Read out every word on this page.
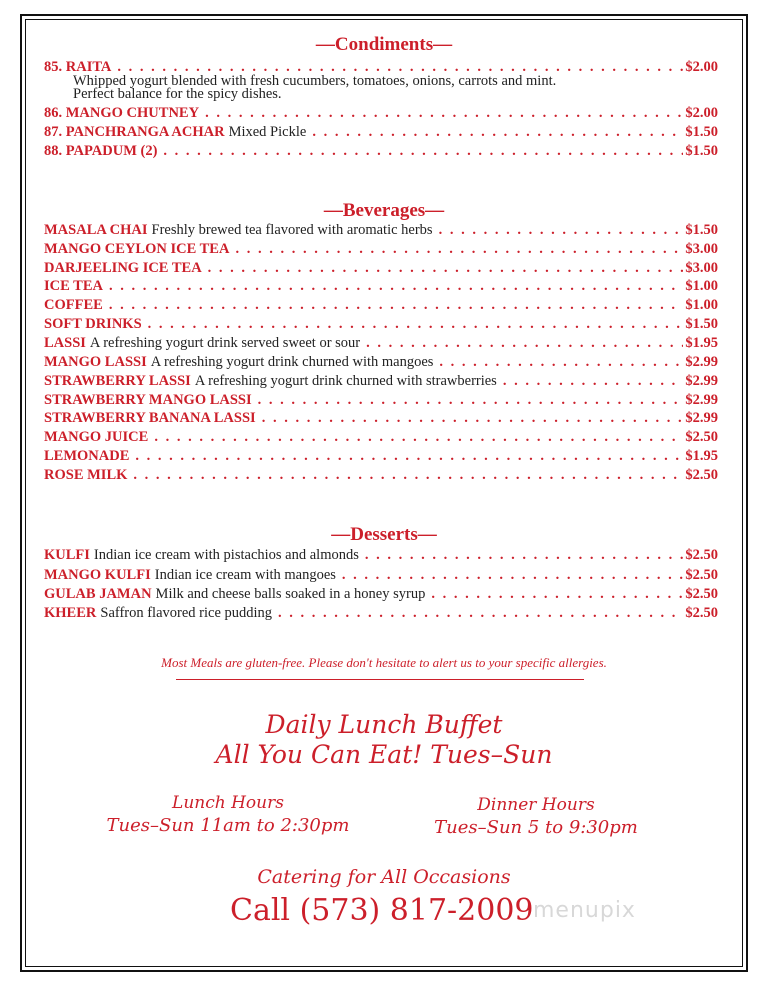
—Condiments—
85. RAITA . . .	$2.00
Whipped yogurt blended with fresh cucumbers, tomatoes, onions, carrots and mint.
Perfect balance for the spicy dishes.
86. MANGO CHUTNEY . . .	$2.00
87. PANCHRANGA ACHAR Mixed Pickle . . .	$1.50
88. PAPADUM (2) . . .	$1.50
—Beverages—
MASALA CHAI Freshly brewed tea flavored with aromatic herbs . . .	$1.50
MANGO CEYLON ICE TEA . . .	$3.00
DARJEELING ICE TEA . . .	$3.00
ICE TEA . . .	$1.00
COFFEE . . .	$1.00
SOFT DRINKS . . .	$1.50
LASSI A refreshing yogurt drink served sweet or sour . . .	$1.95
MANGO LASSI A refreshing yogurt drink churned with mangoes . . .	$2.99
STRAWBERRY LASSI A refreshing yogurt drink churned with strawberries . . .	$2.99
STRAWBERRY MANGO LASSI . . .	$2.99
STRAWBERRY BANANA LASSI . . .	$2.99
MANGO JUICE . . .	$2.50
LEMONADE . . .	$1.95
ROSE MILK . . .	$2.50
—Desserts—
KULFI Indian ice cream with pistachios and almonds . . .	$2.50
MANGO KULFI Indian ice cream with mangoes . . .	$2.50
GULAB JAMAN Milk and cheese balls soaked in a honey syrup . . .	$2.50
KHEER Saffron flavored rice pudding . . .	$2.50
Most Meals are gluten-free. Please don't hesitate to alert us to your specific allergies.
Daily Lunch Buffet
All You Can Eat! Tues–Sun
Lunch Hours
Tues–Sun 11am to 2:30pm
Dinner Hours
Tues–Sun 5 to 9:30pm
Catering for All Occasions
Call (573) 817-2009 menupix
